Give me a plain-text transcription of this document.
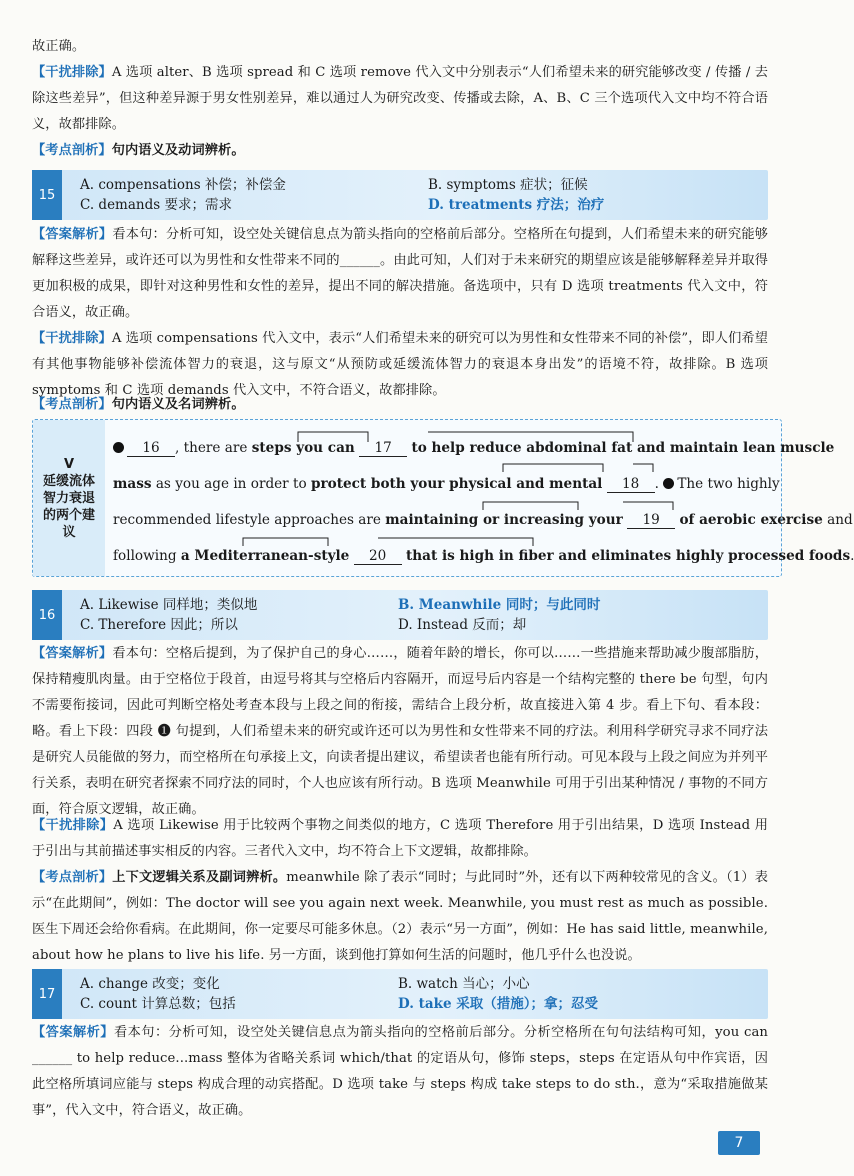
故正确。
【干扰排除】A 选项 alter、B 选项 spread 和 C 选项 remove 代入文中分别表示“人们希望未来的研究能够改变 / 传播 / 去除这些差异”，但这种差异源于男女性别差异，难以通过人为研究改变、传播或去除，A、B、C 三个选项代入文中均不符合语义，故都排除。
【考点剖析】句内语义及动词辨析。
15
A. compensations 补偿；补偿金	B. symptoms 症状；征候
C. demands 要求；需求	D. treatments 疗法；治疗
【答案解析】看本句：分析可知，设空处关键信息点为箭头指向的空格前后部分。空格所在句提到，人们希望未来的研究能够解释这些差异，或许还可以为男性和女性带来不同的______。由此可知，人们对于未来研究的期望应该是能够解释差异并取得更加积极的成果，即针对这种男性和女性的差异，提出不同的解决措施。备选项中，只有 D 选项 treatments 代入文中，符合语义，故正确。
【干扰排除】A 选项 compensations 代入文中，表示“人们希望未来的研究可以为男性和女性带来不同的补偿”，即人们希望有其他事物能够补偿流体智力的衰退，这与原文“从预防或延缓流体智力的衰退本身出发”的语境不符，故排除。B 选项 symptoms 和 C 选项 demands 代入文中，不符合语义，故都排除。
【考点剖析】句内语义及名词辨析。
V
延缓流体
智力衰退
的两个建
议
16 , there are steps you can 17 to help reduce abdominal fat and maintain lean muscle
mass as you age in order to protect both your physical and mental 18 . The two highly
recommended lifestyle approaches are maintaining or increasing your 19 of aerobic exercise and
following a Mediterranean-style 20 that is high in fiber and eliminates highly processed foods.
16
A. Likewise 同样地；类似地	B. Meanwhile 同时；与此同时
C. Therefore 因此；所以	D. Instead 反而；却
【答案解析】看本句：空格后提到，为了保护自己的身心……，随着年龄的增长，你可以……一些措施来帮助减少腹部脂肪，保持精瘦肌肉量。由于空格位于段首，由逗号将其与空格后内容隔开，而逗号后内容是一个结构完整的 there be 句型，句内不需要衔接词，因此可判断空格处考查本段与上段之间的衔接，需结合上段分析，故直接进入第 4 步。看上下句、看本段：略。看上下段：四段 ❶ 句提到，人们希望未来的研究或许还可以为男性和女性带来不同的疗法。利用科学研究寻求不同疗法是研究人员能做的努力，而空格所在句承接上文，向读者提出建议，希望读者也能有所行动。可见本段与上段之间应为并列平行关系，表明在研究者探索不同疗法的同时，个人也应该有所行动。B 选项 Meanwhile 可用于引出某种情况 / 事物的不同方面，符合原文逻辑，故正确。
【干扰排除】A 选项 Likewise 用于比较两个事物之间类似的地方，C 选项 Therefore 用于引出结果，D 选项 Instead 用于引出与其前描述事实相反的内容。三者代入文中，均不符合上下文逻辑，故都排除。
【考点剖析】上下文逻辑关系及副词辨析。meanwhile 除了表示“同时；与此同时”外，还有以下两种较常见的含义。（1）表示“在此期间”，例如：The doctor will see you again next week. Meanwhile, you must rest as much as possible. 医生下周还会给你看病。在此期间，你一定要尽可能多休息。（2）表示“另一方面”，例如：He has said little, meanwhile, about how he plans to live his life. 另一方面，谈到他打算如何生活的问题时，他几乎什么也没说。
17
A. change 改变；变化	B. watch 当心；小心
C. count 计算总数；包括	D. take 采取（措施）；拿；忍受
【答案解析】看本句：分析可知，设空处关键信息点为箭头指向的空格前后部分。分析空格所在句句法结构可知，you can ______ to help reduce...mass 整体为省略关系词 which/that 的定语从句，修饰 steps，steps 在定语从句中作宾语，因此空格所填词应能与 steps 构成合理的动宾搭配。D 选项 take 与 steps 构成 take steps to do sth.，意为“采取措施做某事”，代入文中，符合语义，故正确。
7
